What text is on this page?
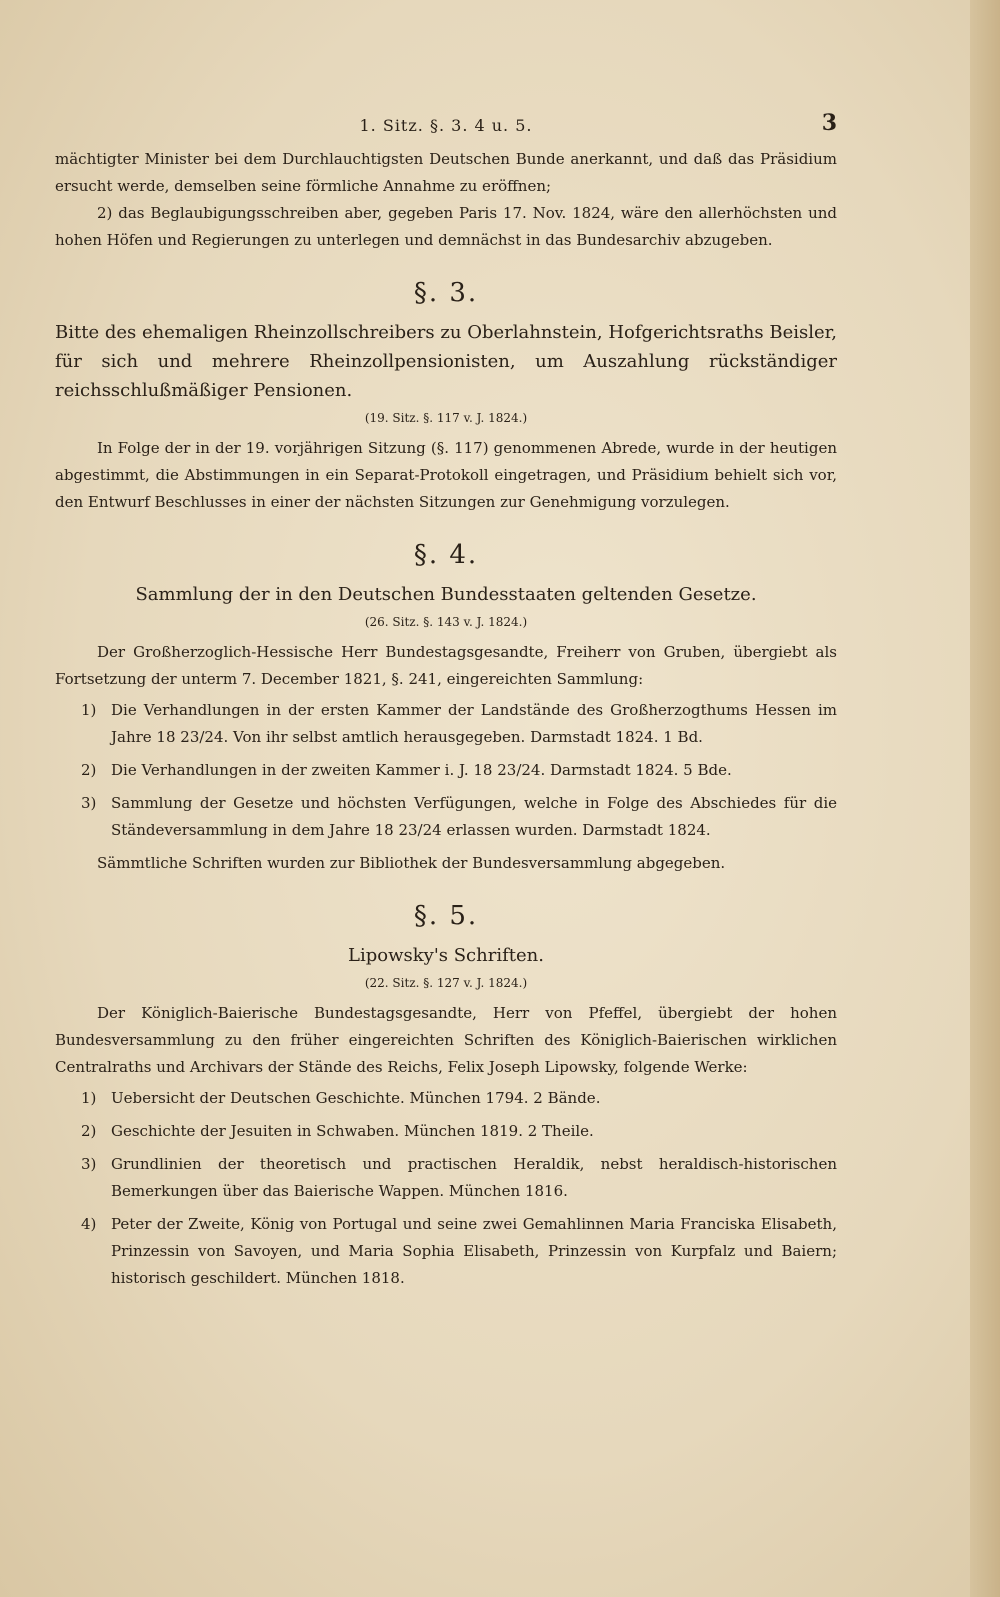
1. Sitz. §. 3. 4 u. 5.	3

mächtigter Minister bei dem Durchlauchtigsten Deutschen Bunde anerkannt, und daß das Präsidium ersucht werde, demselben seine förmliche Annahme zu eröffnen;

2) das Beglaubigungsschreiben aber, gegeben Paris 17. Nov. 1824, wäre den allerhöchsten und hohen Höfen und Regierungen zu unterlegen und demnächst in das Bundesarchiv abzugeben.

§. 3.

Bitte des ehemaligen Rheinzollschreibers zu Oberlahnstein, Hofgerichtsraths Beisler, für sich und mehrere Rheinzollpensionisten, um Auszahlung rückständiger reichsschlußmäßiger Pensionen.

(19. Sitz. §. 117 v. J. 1824.)

In Folge der in der 19. vorjährigen Sitzung (§. 117) genommenen Abrede, wurde in der heutigen abgestimmt, die Abstimmungen in ein Separat-Protokoll eingetragen, und Präsidium behielt sich vor, den Entwurf Beschlusses in einer der nächsten Sitzungen zur Genehmigung vorzulegen.

§. 4.

Sammlung der in den Deutschen Bundesstaaten geltenden Gesetze.

(26. Sitz. §. 143 v. J. 1824.)

Der Großherzoglich-Hessische Herr Bundestagsgesandte, Freiherr von Gruben, übergiebt als Fortsetzung der unterm 7. December 1821, §. 241, eingereichten Sammlung:

1) Die Verhandlungen in der ersten Kammer der Landstände des Großherzogthums Hessen im Jahre 18 23/24. Von ihr selbst amtlich herausgegeben. Darmstadt 1824. 1 Bd.
2) Die Verhandlungen in der zweiten Kammer i. J. 18 23/24. Darmstadt 1824. 5 Bde.
3) Sammlung der Gesetze und höchsten Verfügungen, welche in Folge des Abschiedes für die Ständeversammlung in dem Jahre 18 23/24 erlassen wurden. Darmstadt 1824.

Sämmtliche Schriften wurden zur Bibliothek der Bundesversammlung abgegeben.

§. 5.

Lipowsky's Schriften.

(22. Sitz. §. 127 v. J. 1824.)

Der Königlich-Baierische Bundestagsgesandte, Herr von Pfeffel, übergiebt der hohen Bundesversammlung zu den früher eingereichten Schriften des Königlich-Baierischen wirklichen Centralraths und Archivars der Stände des Reichs, Felix Joseph Lipowsky, folgende Werke:

1) Uebersicht der Deutschen Geschichte. München 1794. 2 Bände.
2) Geschichte der Jesuiten in Schwaben. München 1819. 2 Theile.
3) Grundlinien der theoretisch und practischen Heraldik, nebst heraldisch-historischen Bemerkungen über das Baierische Wappen. München 1816.
4) Peter der Zweite, König von Portugal und seine zwei Gemahlinnen Maria Franciska Elisabeth, Prinzessin von Savoyen, und Maria Sophia Elisabeth, Prinzessin von Kurpfalz und Baiern; historisch geschildert. München 1818.
